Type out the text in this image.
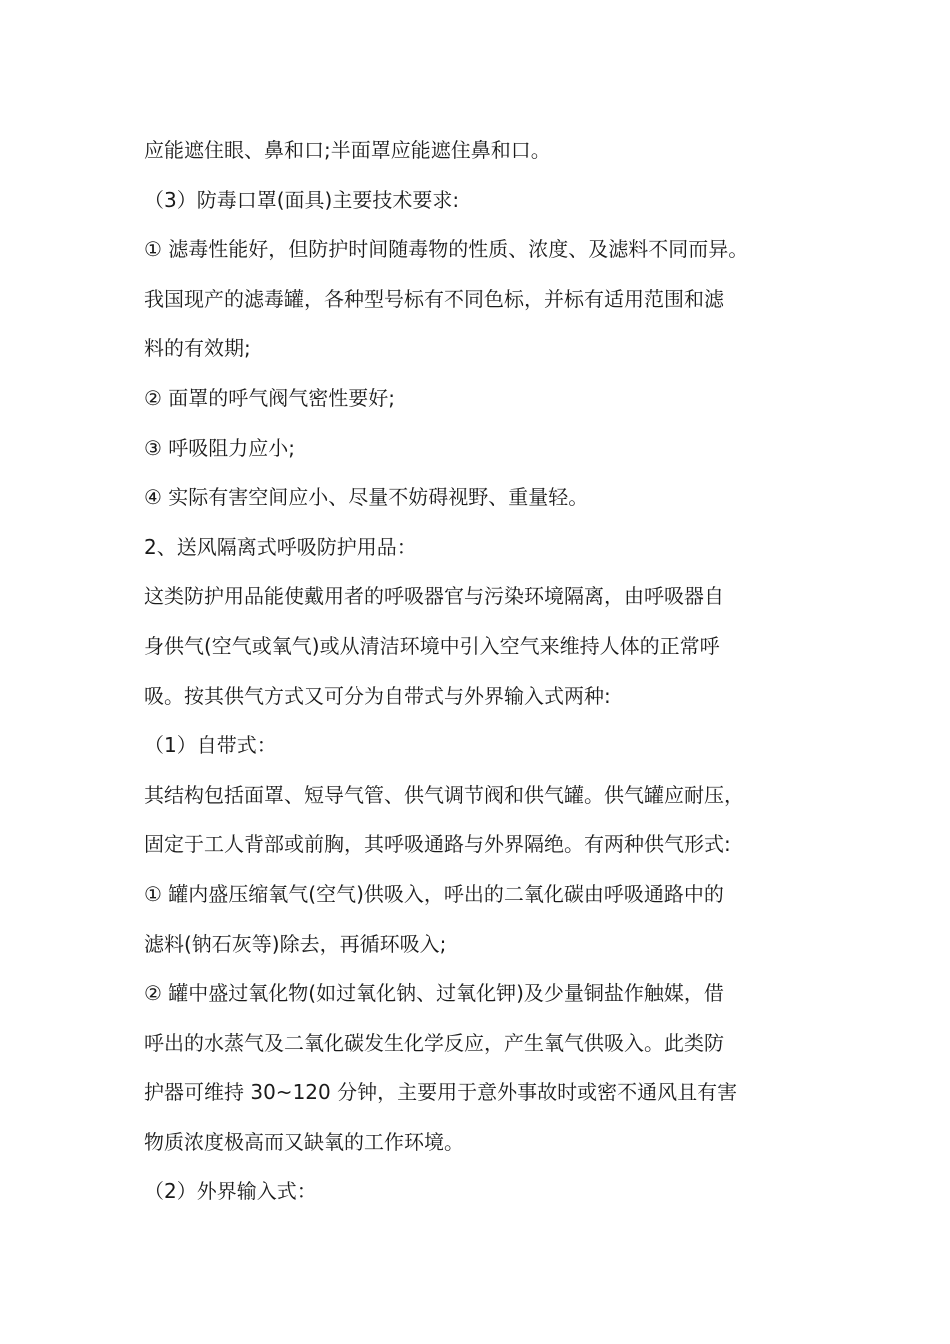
应能遮住眼、鼻和口;半面罩应能遮住鼻和口。
（3）防毒口罩(面具)主要技术要求:
① 滤毒性能好，但防护时间随毒物的性质、浓度、及滤料不同而异。
我国现产的滤毒罐，各种型号标有不同色标，并标有适用范围和滤
料的有效期;
② 面罩的呼气阀气密性要好;
③ 呼吸阻力应小;
④ 实际有害空间应小、尽量不妨碍视野、重量轻。
2、送风隔离式呼吸防护用品：
这类防护用品能使戴用者的呼吸器官与污染环境隔离，由呼吸器自
身供气(空气或氧气)或从清洁环境中引入空气来维持人体的正常呼
吸。按其供气方式又可分为自带式与外界输入式两种:
（1）自带式：
其结构包括面罩、短导气管、供气调节阀和供气罐。供气罐应耐压，
固定于工人背部或前胸，其呼吸通路与外界隔绝。有两种供气形式:
① 罐内盛压缩氧气(空气)供吸入，呼出的二氧化碳由呼吸通路中的
滤料(钠石灰等)除去，再循环吸入;
② 罐中盛过氧化物(如过氧化钠、过氧化钾)及少量铜盐作触媒，借
呼出的水蒸气及二氧化碳发生化学反应，产生氧气供吸入。此类防
护器可维持 30~120 分钟，主要用于意外事故时或密不通风且有害
物质浓度极高而又缺氧的工作环境。
（2）外界输入式：
